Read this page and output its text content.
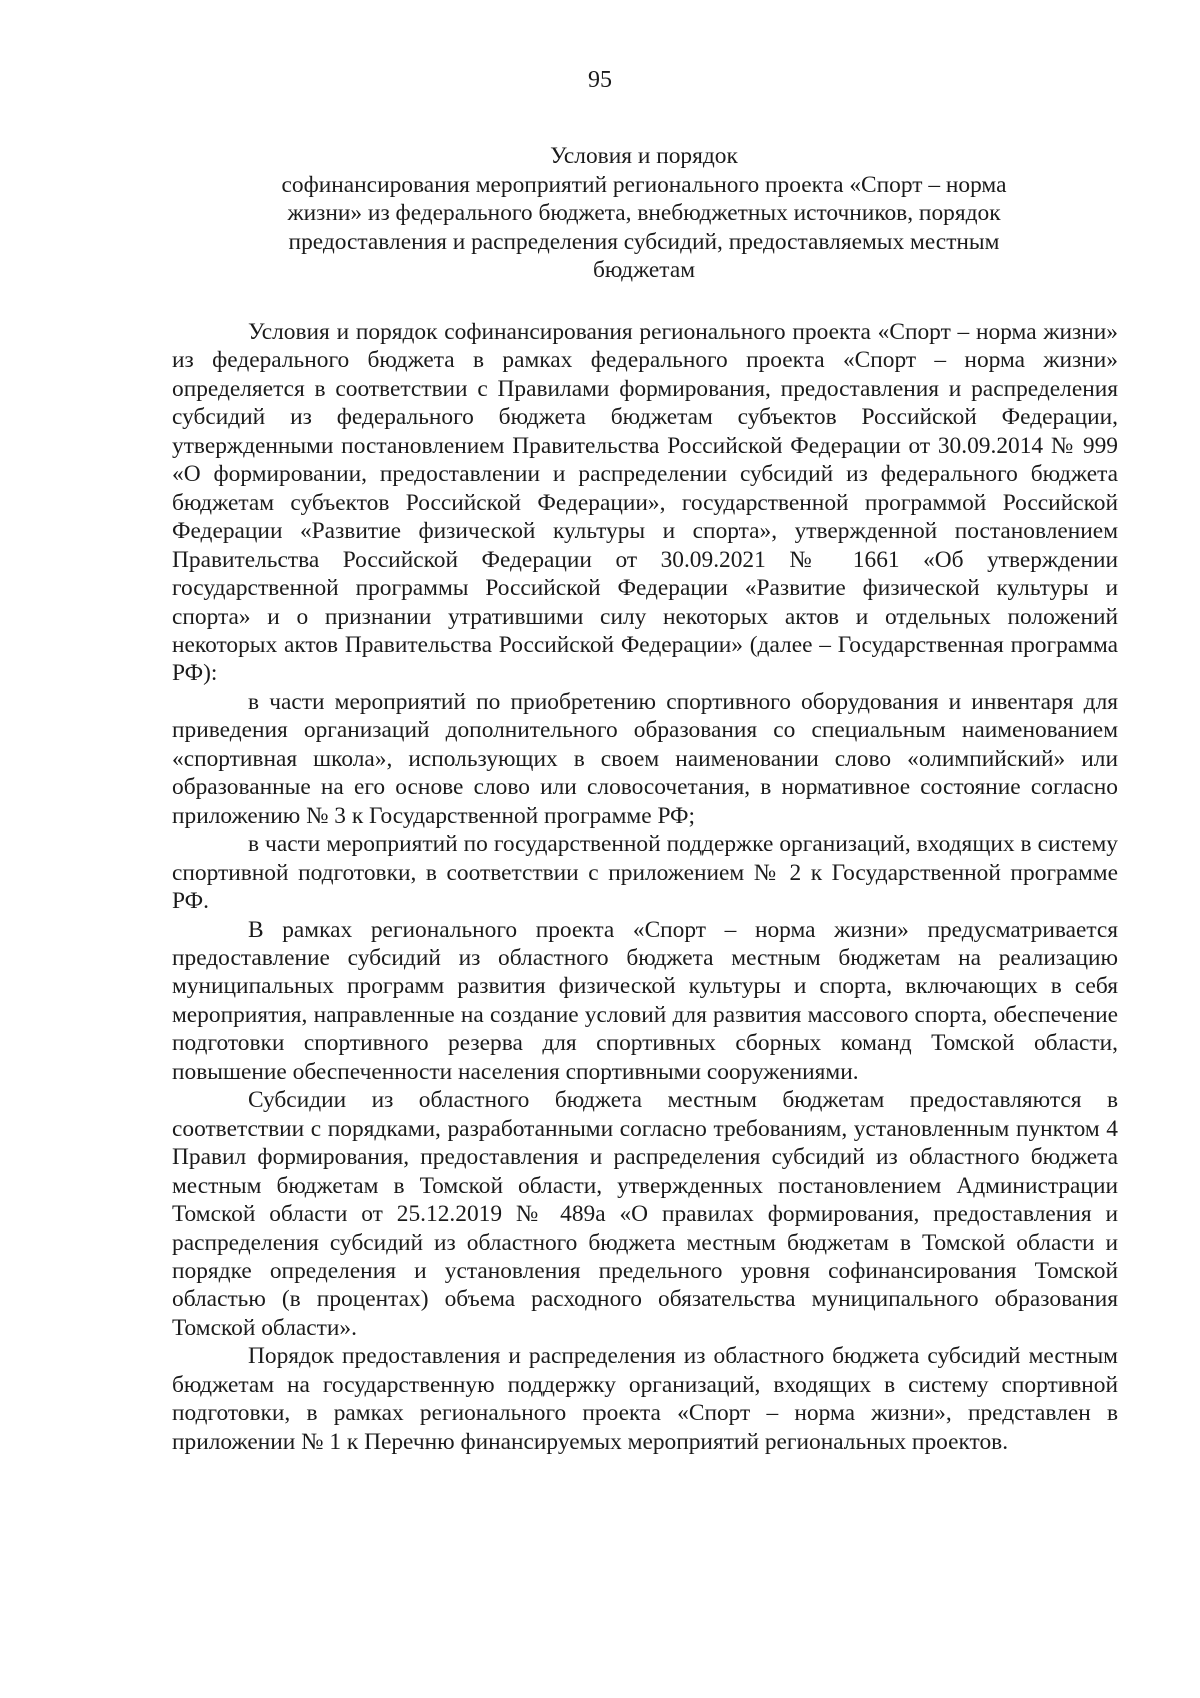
95
Условия и порядок
софинансирования мероприятий регионального проекта «Спорт – норма
жизни» из федерального бюджета, внебюджетных источников, порядок
предоставления и распределения субсидий, предоставляемых местным
бюджетам

Условия и порядок софинансирования регионального проекта «Спорт – норма жизни» из федерального бюджета в рамках федерального проекта «Спорт – норма жизни» определяется в соответствии с Правилами формирования, предоставления и распределения субсидий из федерального бюджета бюджетам субъектов Российской Федерации, утвержденными постановлением Правительства Российской Федерации от 30.09.2014 № 999 «О формировании, предоставлении и распределении субсидий из федерального бюджета бюджетам субъектов Российской Федерации», государственной программой Российской Федерации «Развитие физической культуры и спорта», утвержденной постановлением Правительства Российской Федерации от 30.09.2021 № 1661 «Об утверждении государственной программы Российской Федерации «Развитие физической культуры и спорта» и о признании утратившими силу некоторых актов и отдельных положений некоторых актов Правительства Российской Федерации» (далее – Государственная программа РФ):

в части мероприятий по приобретению спортивного оборудования и инвентаря для приведения организаций дополнительного образования со специальным наименованием «спортивная школа», использующих в своем наименовании слово «олимпийский» или образованные на его основе слово или словосочетания, в нормативное состояние согласно приложению № 3 к Государственной программе РФ;

в части мероприятий по государственной поддержке организаций, входящих в систему спортивной подготовки, в соответствии с приложением № 2 к Государственной программе РФ.

В рамках регионального проекта «Спорт – норма жизни» предусматривается предоставление субсидий из областного бюджета местным бюджетам на реализацию муниципальных программ развития физической культуры и спорта, включающих в себя мероприятия, направленные на создание условий для развития массового спорта, обеспечение подготовки спортивного резерва для спортивных сборных команд Томской области, повышение обеспеченности населения спортивными сооружениями.

Субсидии из областного бюджета местным бюджетам предоставляются в соответствии с порядками, разработанными согласно требованиям, установленным пунктом 4 Правил формирования, предоставления и распределения субсидий из областного бюджета местным бюджетам в Томской области, утвержденных постановлением Администрации Томской области от 25.12.2019 № 489а «О правилах формирования, предоставления и распределения субсидий из областного бюджета местным бюджетам в Томской области и порядке определения и установления предельного уровня софинансирования Томской областью (в процентах) объема расходного обязательства муниципального образования Томской области».

Порядок предоставления и распределения из областного бюджета субсидий местным бюджетам на государственную поддержку организаций, входящих в систему спортивной подготовки, в рамках регионального проекта «Спорт – норма жизни», представлен в приложении № 1 к Перечню финансируемых мероприятий региональных проектов.
